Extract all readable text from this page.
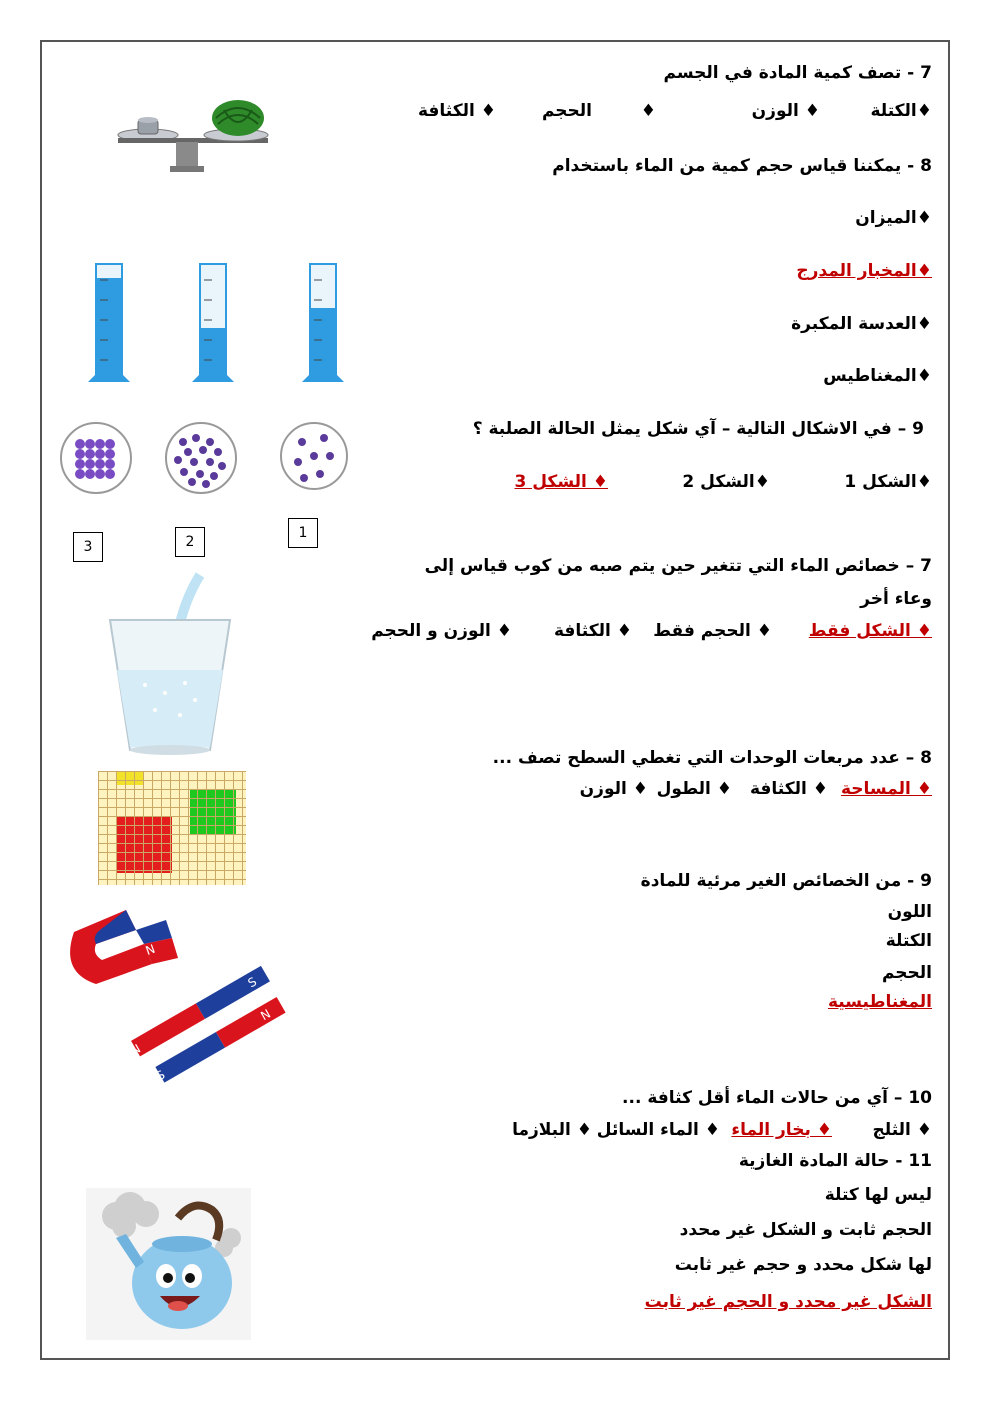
7 - تصف كمية المادة في الجسم
♦الكتلة
♦ الوزن
♦
الحجم
♦ الكثافة
8 - يمكننا قياس حجم كمية من الماء باستخدام
♦الميزان
♦المخبار المدرج
♦العدسة المكبرة
♦المغناطيس
9 – في الاشكال التالية – آي شكل يمثل الحالة الصلبة ؟
♦الشكل 1
♦الشكل 2
♦ الشكل 3
1
2
3
7 – خصائص الماء التي تتغير حين يتم صبه من كوب قياس إلى
وعاء أخر
♦ الشكل فقط
♦ الحجم فقط
♦ الكثافة
♦ الوزن و الحجم
8 – عدد مربعات الوحدات التي تغطي السطح تصف ...
♦ المساحة
♦ الكثافة
♦ الطول
♦ الوزن
9 - من الخصائص الغير مرئية للمادة
اللون
الكتلة
الحجم
المغناطيسية
N
N
S
S
N
10 – آي من حالات الماء أقل كثافة ...
♦ الثلج
♦ بخار الماء
♦ الماء السائل
♦ البلازما
11 - حالة المادة الغازية
ليس لها كتلة
الحجم ثابت و الشكل غير محدد
لها شكل محدد و حجم غير ثابت
الشكل غير محدد و الحجم غير ثابت
